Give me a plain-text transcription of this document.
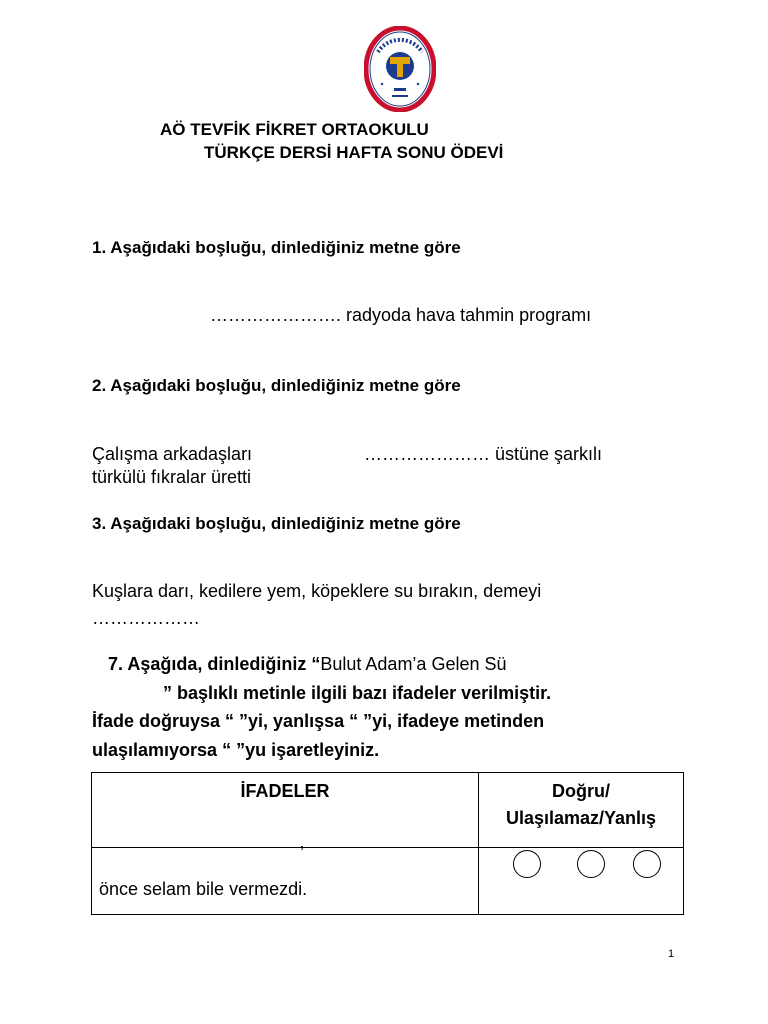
AÖ TEVFİK FİKRET ORTAOKULU
TÜRKÇE DERSİ HAFTA SONU ÖDEVİ
1. Aşağıdaki boşluğu, dinlediğiniz metne göre
…………………. radyoda hava tahmin programı
2. Aşağıdaki boşluğu, dinlediğiniz metne göre
Çalışma arkadaşları	………………… üstüne şarkılı
türkülü fıkralar üretti
3. Aşağıdaki boşluğu, dinlediğiniz metne göre
Kuşlara darı, kedilere yem, köpeklere su bırakın, demeyi
………………
7. Aşağıda, dinlediğiniz “Bulut Adam’a Gelen Sü
” başlıklı metinle ilgili bazı ifadeler verilmiştir.
İfade doğruysa “ ”yi, yanlışsa “ ”yi, ifadeye metinden
ulaşılamıyorsa “ ”yu işaretleyiniz.
İFADELER	Doğru/
Ulaşılamaz/Yanlış

’
önce selam bile vermezdi.	

1
